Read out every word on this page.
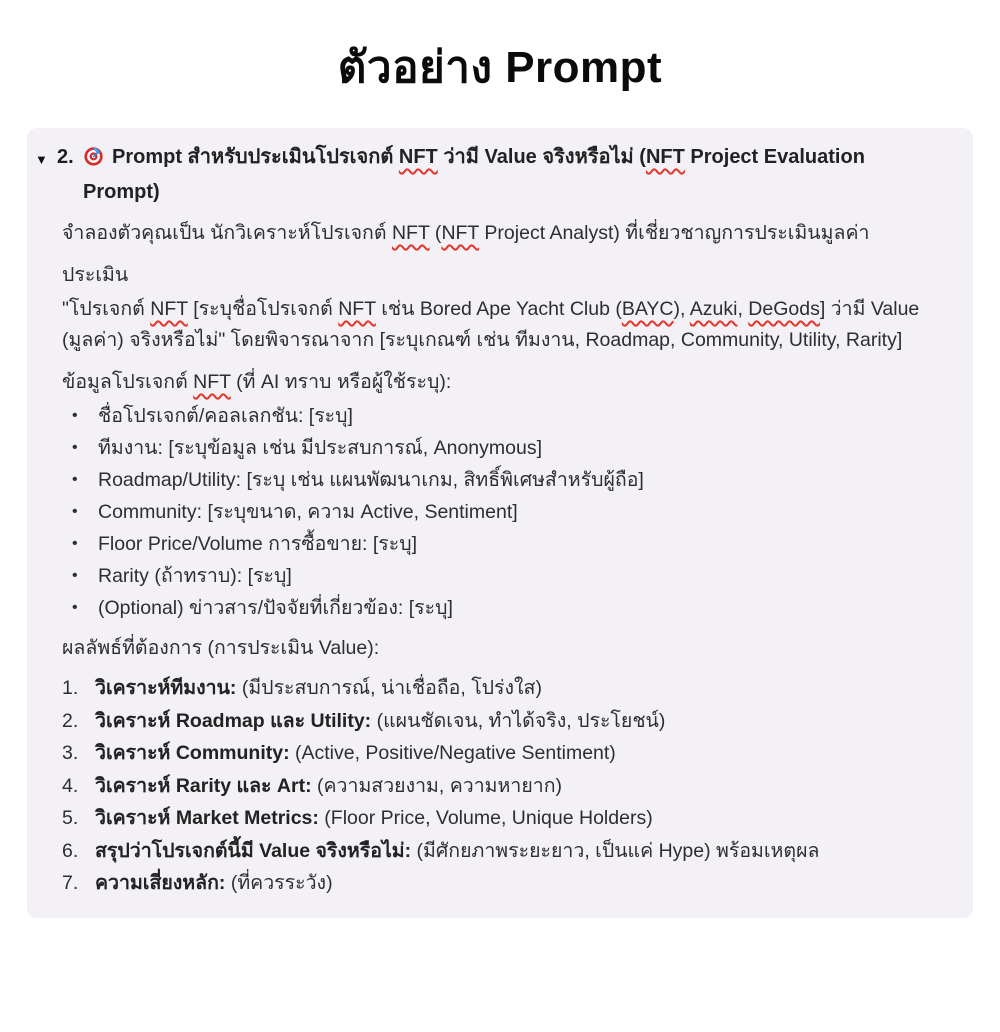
ตัวอย่าง Prompt
▼ 2.	Prompt สำหรับประเมินโปรเจกต์ NFT ว่ามี Value จริงหรือไม่ (NFT Project Evaluation
Prompt)
จำลองตัวคุณเป็น นักวิเคราะห์โปรเจกต์ NFT (NFT Project Analyst) ที่เชี่ยวชาญการประเมินมูลค่า
ประเมิน
"โปรเจกต์ NFT [ระบุชื่อโปรเจกต์ NFT เช่น Bored Ape Yacht Club (BAYC), Azuki, DeGods] ว่ามี Value
(มูลค่า) จริงหรือไม่" โดยพิจารณาจาก [ระบุเกณฑ์ เช่น ทีมงาน, Roadmap, Community, Utility, Rarity]
ข้อมูลโปรเจกต์ NFT (ที่ AI ทราบ หรือผู้ใช้ระบุ):
•	ชื่อโปรเจกต์/คอลเลกชัน: [ระบุ]
•	ทีมงาน: [ระบุข้อมูล เช่น มีประสบการณ์, Anonymous]
•	Roadmap/Utility: [ระบุ เช่น แผนพัฒนาเกม, สิทธิ์พิเศษสำหรับผู้ถือ]
•	Community: [ระบุขนาด, ความ Active, Sentiment]
•	Floor Price/Volume การซื้อขาย: [ระบุ]
•	Rarity (ถ้าทราบ): [ระบุ]
•	(Optional) ข่าวสาร/ปัจจัยที่เกี่ยวข้อง: [ระบุ]
ผลลัพธ์ที่ต้องการ (การประเมิน Value):
1. วิเคราะห์ทีมงาน: (มีประสบการณ์, น่าเชื่อถือ, โปร่งใส)
2. วิเคราะห์ Roadmap และ Utility: (แผนชัดเจน, ทำได้จริง, ประโยชน์)
3. วิเคราะห์ Community: (Active, Positive/Negative Sentiment)
4. วิเคราะห์ Rarity และ Art: (ความสวยงาม, ความหายาก)
5. วิเคราะห์ Market Metrics: (Floor Price, Volume, Unique Holders)
6. สรุปว่าโปรเจกต์นี้มี Value จริงหรือไม่: (มีศักยภาพระยะยาว, เป็นแค่ Hype) พร้อมเหตุผล
7. ความเสี่ยงหลัก: (ที่ควรระวัง)
